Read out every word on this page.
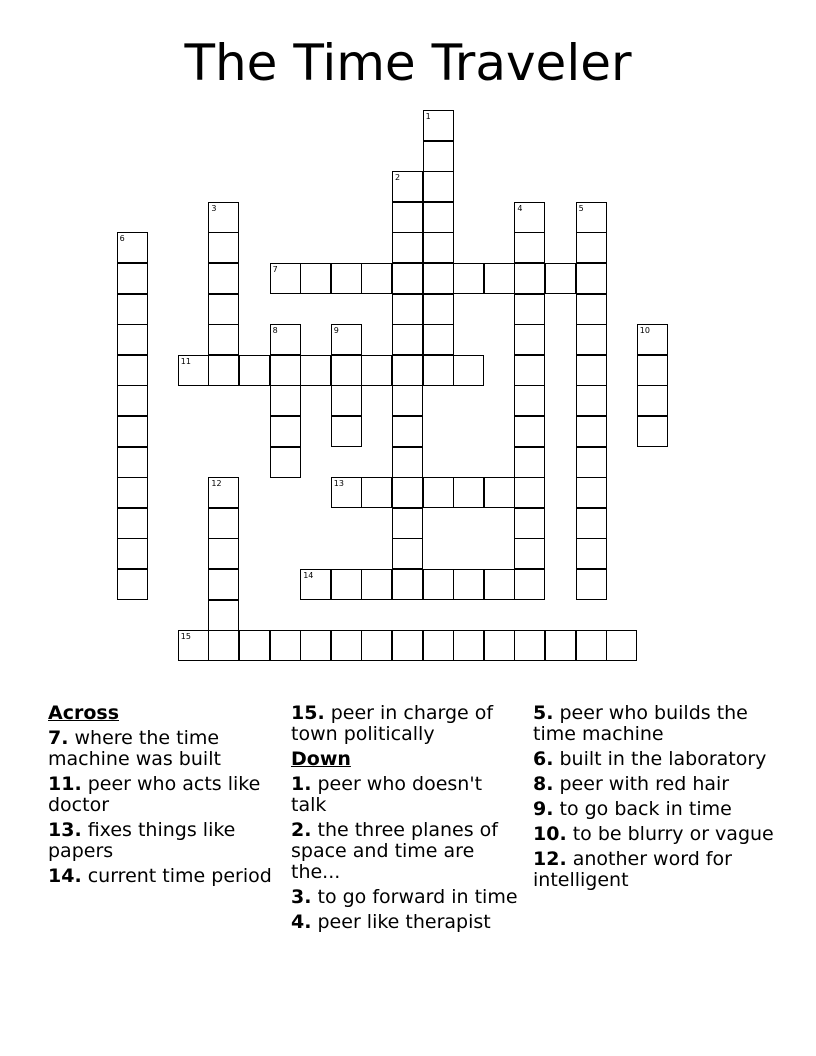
The Time Traveler
1
2
3	4	5
6
7
8	9	10
11
12	13
14
15
Across
7. where the time machine was built
11. peer who acts like doctor
13. fixes things like papers
14. current time period
15. peer in charge of town politically
Down
1. peer who doesn't talk
2. the three planes of space and time are the...
3. to go forward in time
4. peer like therapist
5. peer who builds the time machine
6. built in the laboratory
8. peer with red hair
9. to go back in time
10. to be blurry or vague
12. another word for intelligent
